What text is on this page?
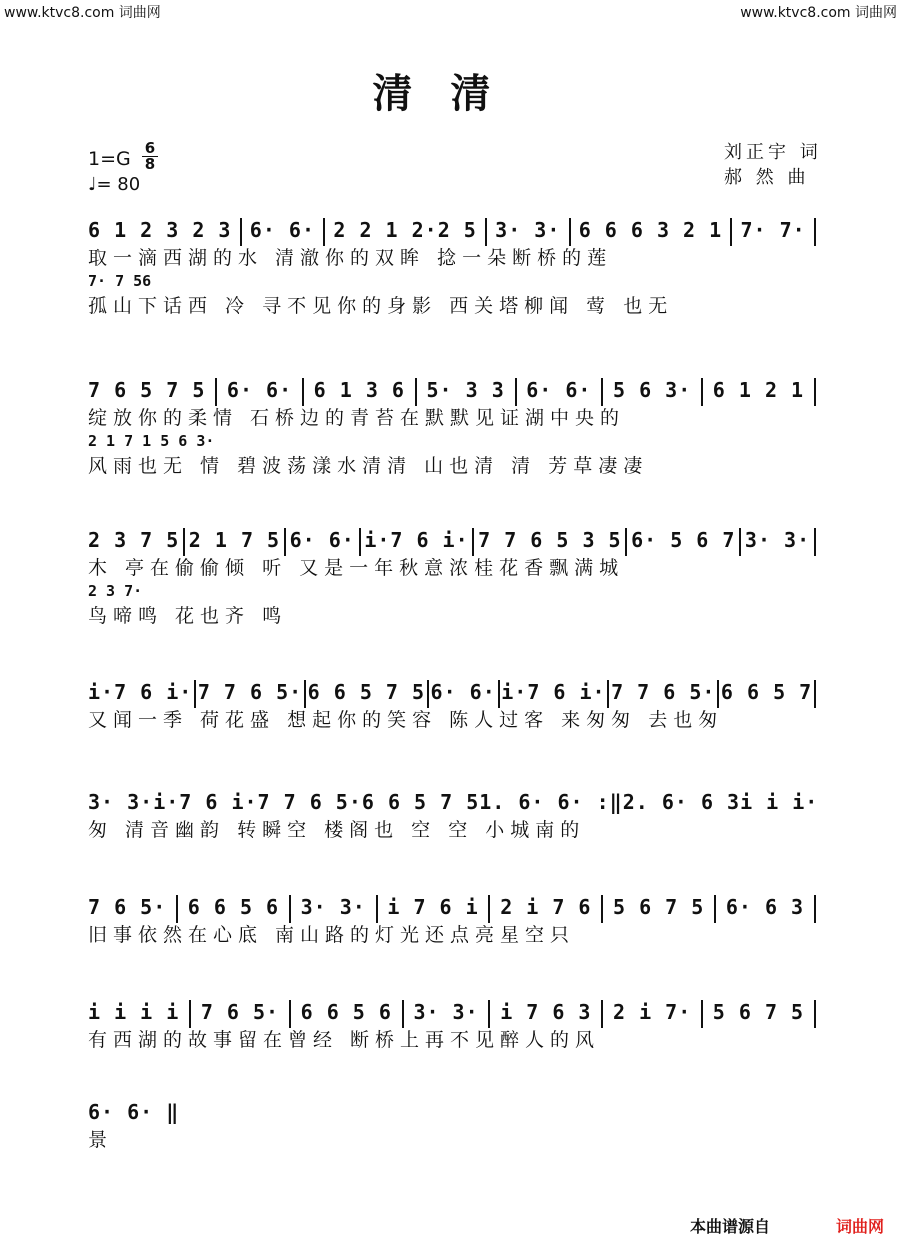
www.ktvc8.com 词曲网	www.ktvc8.com 词曲网
清清
1=G 6
8
♩= 80
刘正宇 词
郝 然 曲
6 1 2 3 2 3 6· 6· 2 2 1 2·2 5 3· 3· 6 6 6 3 2 1 7· 7·
取一滴西湖的水 清澈你的双眸 捻一朵断桥的莲
7· 7 56
孤山下话西 冷 寻不见你的身影 西关塔柳闻 莺 也无
7 6 5 7 5 6· 6· 6 1 3 6 5· 3 3 6· 6· 5 6 3· 6 1 2 1
绽放你的柔情 石桥边的青苔在默默见证湖中央的
2 1 7 1 5 6 3·
风雨也无 情 碧波荡漾水清清 山也清 清 芳草凄凄
2 3 7 5 2 1 7 5 6· 6· i·7 6 i· 7 7 6 5 3 5 6· 5 6 7 3· 3·
木 亭在偷偷倾 听 又是一年秋意浓桂花香飘满城
2 3 7·
鸟啼鸣 花也齐 鸣
i·7 6 i· 7 7 6 5· 6 6 5 7 5 6· 6· i·7 6 i· 7 7 6 5· 6 6 5 7
又闻一季 荷花盛 想起你的笑容 陈人过客 来匆匆 去也匆
3· 3· i·7 6 i· 7 7 6 5· 6 6 5 7 5 1. 6· 6· :‖ 2. 6· 6 3 i i i·
匆 清音幽韵 转瞬空 楼阁也 空 空 小城南的
7 6 5· 6 6 5 6 3· 3· i 7 6 i 2 i 7 6 5 6 7 5 6· 6 3
旧事依然在心底 南山路的灯光还点亮星空只
i i i i 7 6 5· 6 6 5 6 3· 3· i 7 6 3 2 i 7· 5 6 7 5
有西湖的故事留在曾经 断桥上再不见醉人的风
6· 6· ‖
景
本曲谱源自	词曲网
